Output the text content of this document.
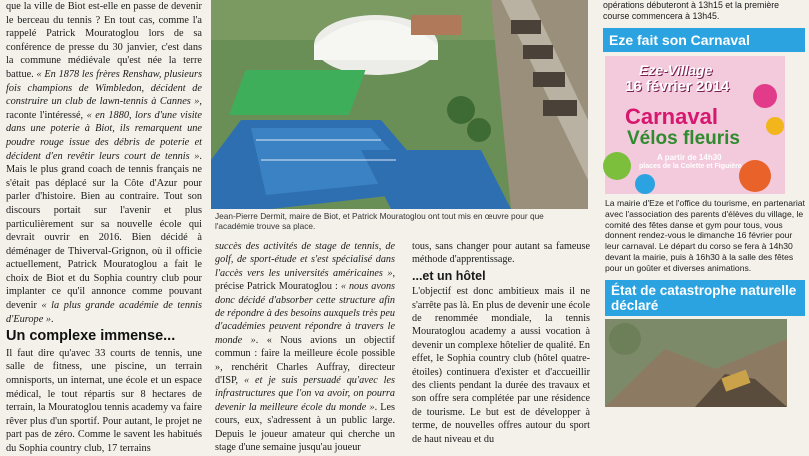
que la ville de Biot est-elle en passe de devenir le berceau du tennis ? En tout cas, comme l'a rappelé Patrick Mouratoglou lors de sa conférence de presse du 30 janvier, c'est dans la commune médiévale qu'est née la terre battue. « En 1878 les frères Renshaw, plusieurs fois champions de Wimbledon, décident de construire un club de lawn-tennis à Cannes », raconte l'intéressé, « en 1880, lors d'une visite dans une poterie à Biot, ils remarquent une poudre rouge issue des débris de poterie et décident d'en revêtir leurs court de tennis ». Mais le plus grand coach de tennis français ne s'était pas déplacé sur la Côte d'Azur pour parler d'histoire. Bien au contraire. Tout son discours portait sur l'avenir et plus particulièrement sur sa nouvelle école qui devrait ouvrir en 2016. Bien décidé à déménager de Thiverval-Grignon, où il officie actuellement, Patrick Mouratoglou a fait le choix de Biot et du Sophia country club pour implanter ce qu'il annonce comme pouvant devenir « la plus grande académie de tennis d'Europe ».

Un complexe immense...

Il faut dire qu'avec 33 courts de tennis, une salle de fitness, une piscine, un terrain omnisports, un internat, une école et un espace médical, le tout répartis sur 8 hectares de terrain, la Mouratoglou tennis academy va faire rêver plus d'un sportif. Pour autant, le projet ne part pas de zéro. Comme le savent les habitués du Sophia country club, 17 terrains

Jean-Pierre Dermit, maire de Biot, et Patrick Mouratoglou ont tout mis en œuvre pour que l'académie trouve sa place.

succès des activités de stage de tennis, de golf, de sport-étude et s'est spécialisé dans l'accès vers les universités américaines », précise Patrick Mouratoglou : « nous avons donc décidé d'absorber cette structure afin de répondre à des besoins auxquels très peu d'académies peuvent répondre à travers le monde ». « Nous avions un objectif commun : faire la meilleure école possible », renchérit Charles Auffray, directeur d'ISP, « et je suis persuadé qu'avec les infrastructures que l'on va avoir, on pourra devenir la meilleure école du monde ». Les cours, eux, s'adressent à un public large. Depuis le joueur amateur qui cherche un stage d'une semaine jusqu'au joueur

tous, sans changer pour autant sa fameuse méthode d'apprentissage.

...et un hôtel

L'objectif est donc ambitieux mais il ne s'arrête pas là. En plus de devenir une école de renommée mondiale, la tennis Mouratoglou academy a aussi vocation à devenir un complexe hôtelier de qualité. En effet, le Sophia country club (hôtel quatre-étoiles) continuera d'exister et d'accueillir des clients pendant la durée des travaux et son offre sera complétée par une résidence de tourisme. Le but est de développer à terme, de nouvelles offres autour du sport de haut niveau et du

opérations débuteront à 13h15 et la première course commencera à 13h45.
Eze fait son Carnaval
Eze-Village
16 février 2014
Carnaval
Vélos fleuris
A partir de 14h30
places de la Colette et Figuière
La mairie d'Eze et l'office du tourisme, en partenariat avec l'association des parents d'élèves du village, le comité des fêtes danse et gym pour tous, vous donnent rendez-vous le dimanche 16 février pour leur carnaval. Le départ du corso se fera à 14h30 devant la mairie, puis à 16h30 à la salle des fêtes pour un goûter et diverses animations.
État de catastrophe naturelle déclaré
